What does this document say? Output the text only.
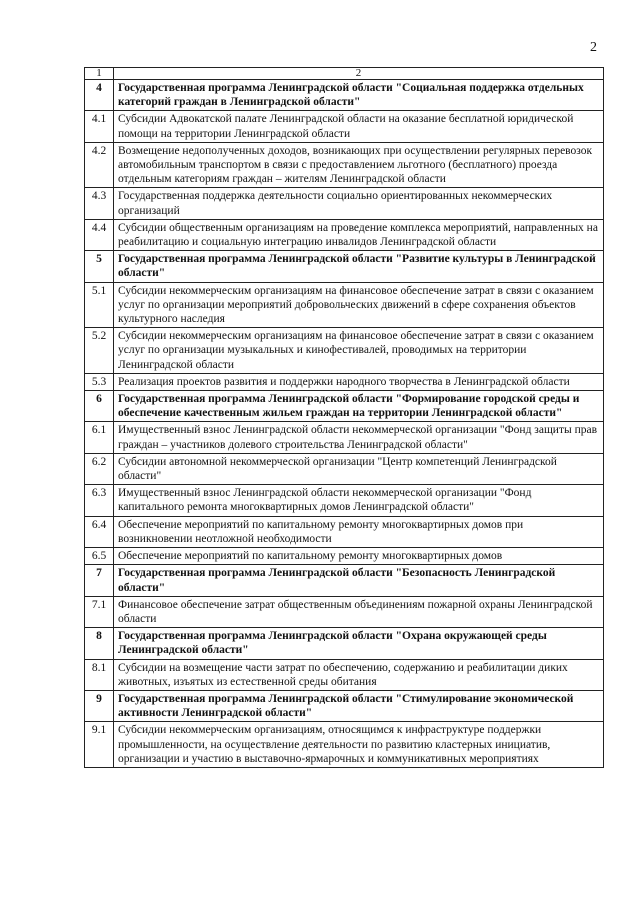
2
1	2
4	Государственная программа Ленинградской области "Социальная поддержка отдельных категорий граждан в Ленинградской области"
4.1	Субсидии Адвокатской палате Ленинградской области на оказание бесплатной юридической помощи на территории Ленинградской области
4.2	Возмещение недополученных доходов, возникающих при осуществлении регулярных перевозок автомобильным транспортом в связи с предоставлением льготного (бесплатного) проезда отдельным категориям граждан – жителям Ленинградской области
4.3	Государственная поддержка деятельности социально ориентированных некоммерческих организаций
4.4	Субсидии общественным организациям на проведение комплекса мероприятий, направленных на реабилитацию и социальную интеграцию инвалидов Ленинградской области
5	Государственная программа Ленинградской области "Развитие культуры в Ленинградской области"
5.1	Субсидии некоммерческим организациям на финансовое обеспечение затрат в связи с оказанием услуг по организации мероприятий добровольческих движений в сфере сохранения объектов культурного наследия
5.2	Субсидии некоммерческим организациям на финансовое обеспечение затрат в связи с оказанием услуг по организации музыкальных и кинофестивалей, проводимых на территории Ленинградской области
5.3	Реализация проектов развития и поддержки народного творчества в Ленинградской области
6	Государственная программа Ленинградской области "Формирование городской среды и обеспечение качественным жильем граждан на территории Ленинградской области"
6.1	Имущественный взнос Ленинградской области некоммерческой организации "Фонд защиты прав граждан – участников долевого строительства Ленинградской области"
6.2	Субсидии автономной некоммерческой организации "Центр компетенций Ленинградской области"
6.3	Имущественный взнос Ленинградской области некоммерческой организации "Фонд капитального ремонта многоквартирных домов Ленинградской области"
6.4	Обеспечение мероприятий по капитальному ремонту многоквартирных домов при возникновении неотложной необходимости
6.5	Обеспечение мероприятий по капитальному ремонту многоквартирных домов
7	Государственная программа Ленинградской области "Безопасность Ленинградской области"
7.1	Финансовое обеспечение затрат общественным объединениям пожарной охраны Ленинградской области
8	Государственная программа Ленинградской области "Охрана окружающей среды Ленинградской области"
8.1	Субсидии на возмещение части затрат по обеспечению, содержанию и реабилитации диких животных, изъятых из естественной среды обитания
9	Государственная программа Ленинградской области "Стимулирование экономической активности Ленинградской области"
9.1	Субсидии некоммерческим организациям, относящимся к инфраструктуре поддержки промышленности, на осуществление деятельности по развитию кластерных инициатив, организации и участию в выставочно-ярмарочных и коммуникативных мероприятиях
